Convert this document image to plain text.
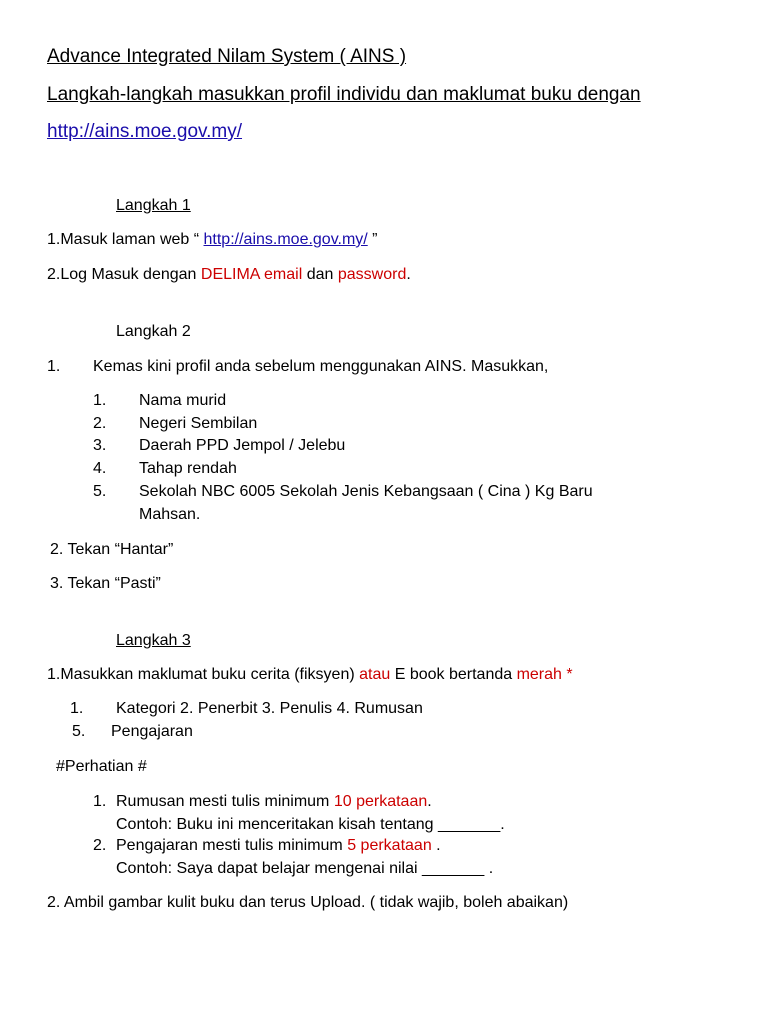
Advance Integrated Nilam System ( AINS )
Langkah-langkah masukkan profil individu dan maklumat buku dengan
http://ains.moe.gov.my/
Langkah 1
1.Masuk laman web “ http://ains.moe.gov.my/ ”
2.Log Masuk dengan DELIMA email dan password.
Langkah 2
1. Kemas kini profil anda sebelum menggunakan AINS. Masukkan,
1. Nama murid
2. Negeri Sembilan
3. Daerah PPD Jempol / Jelebu
4. Tahap rendah
5. Sekolah NBC 6005 Sekolah Jenis Kebangsaan ( Cina ) Kg Baru
Mahsan.
2. Tekan “Hantar”
3. Tekan “Pasti”
Langkah 3
1.Masukkan maklumat buku cerita (fiksyen) atau E book bertanda merah *
1. Kategori 2. Penerbit 3. Penulis 4. Rumusan
5. Pengajaran
#Perhatian #
1. Rumusan mesti tulis minimum 10 perkataan.
Contoh: Buku ini menceritakan kisah tentang _______.
2. Pengajaran mesti tulis minimum 5 perkataan .
Contoh: Saya dapat belajar mengenai nilai _______ .
2. Ambil gambar kulit buku dan terus Upload. ( tidak wajib, boleh abaikan)
